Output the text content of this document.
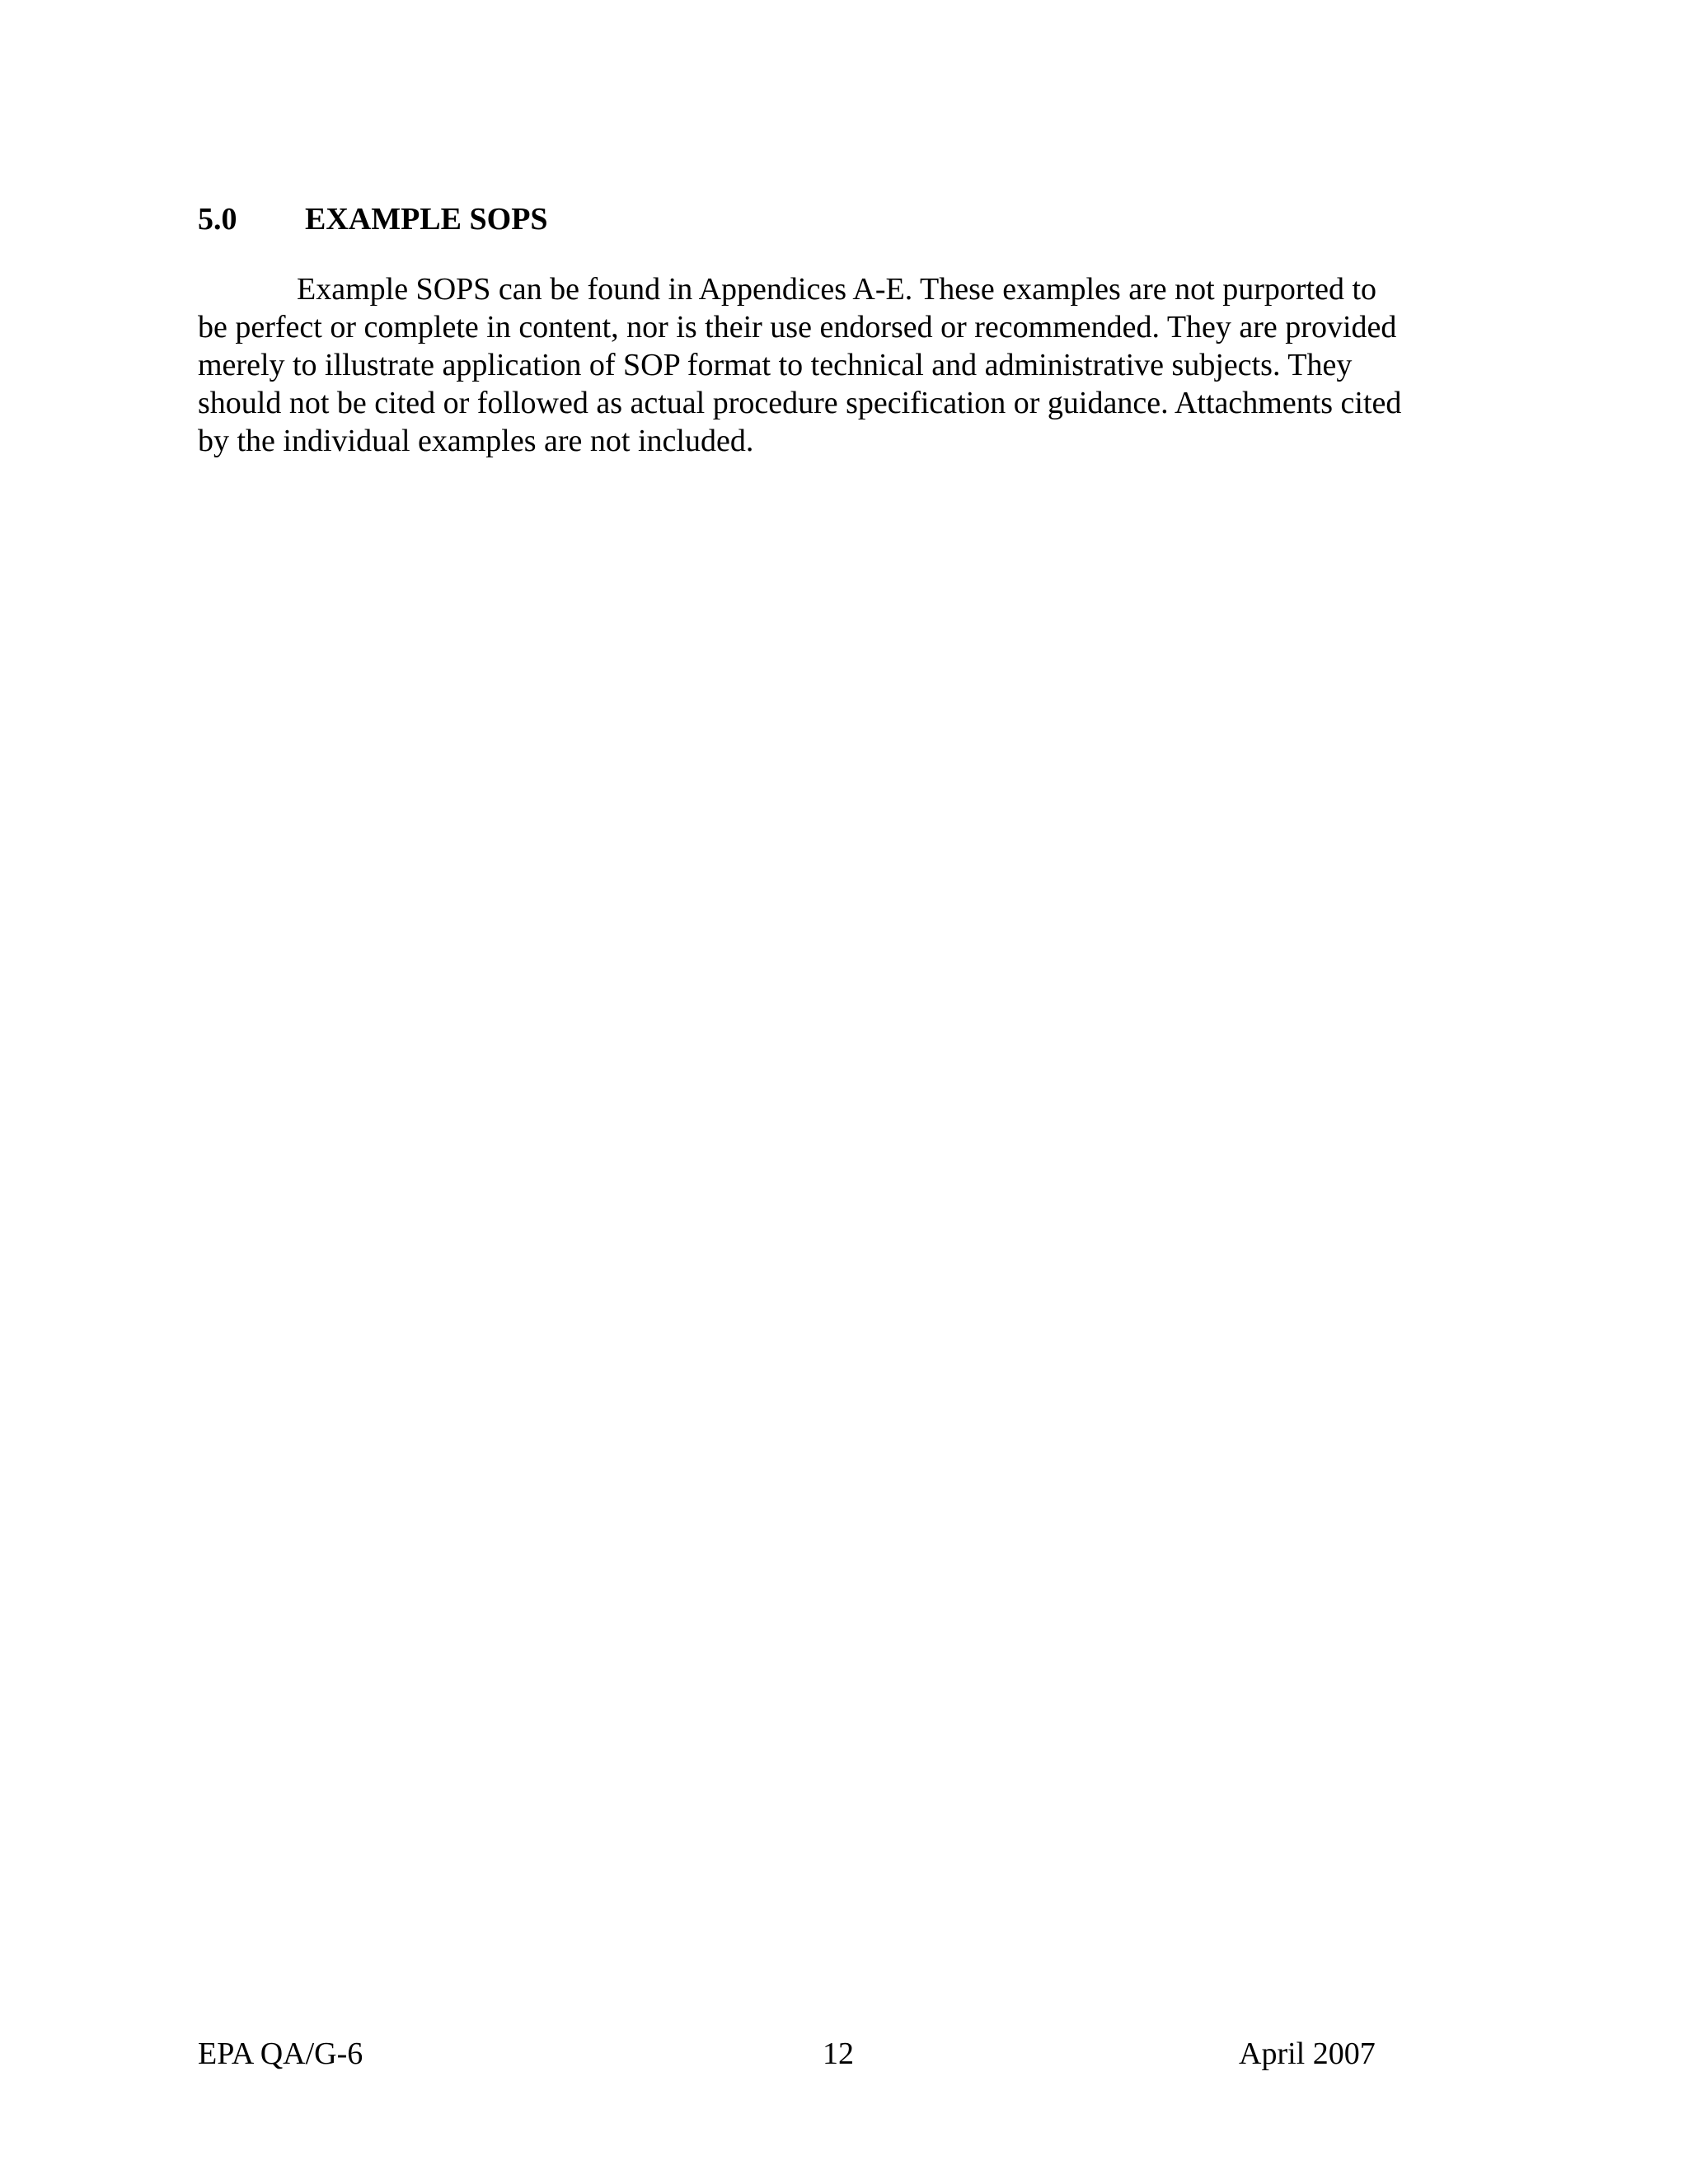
5.0 EXAMPLE SOPS
Example SOPS can be found in Appendices A-E. These examples are not purported to
be perfect or complete in content, nor is their use endorsed or recommended. They are provided
merely to illustrate application of SOP format to technical and administrative subjects. They
should not be cited or followed as actual procedure specification or guidance. Attachments cited
by the individual examples are not included.
EPA QA/G-6	12	April 2007
